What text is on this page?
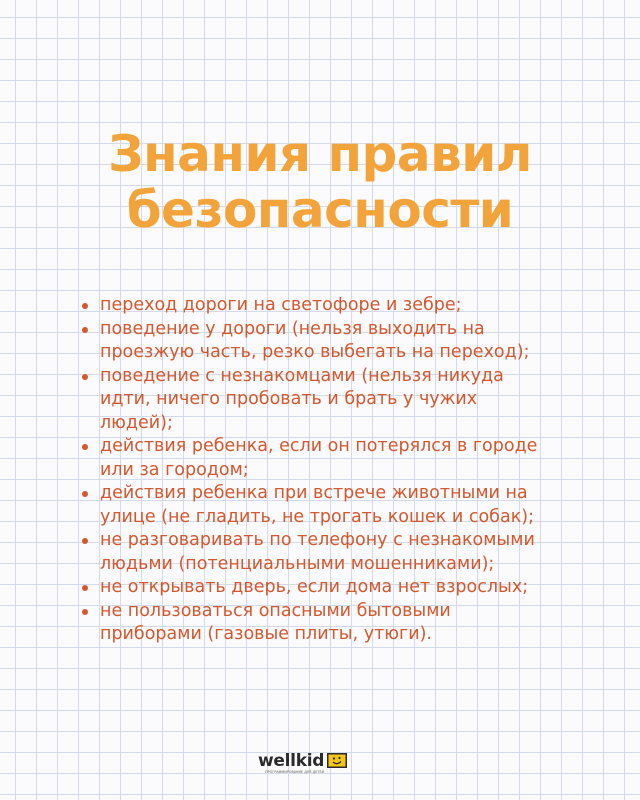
Знания правил
безопасности
переход дороги на светофоре и зебре;
поведение у дороги (нельзя выходить на
проезжую часть, резко выбегать на переход);
поведение с незнакомцами (нельзя никуда
идти, ничего пробовать и брать у чужих
людей);
действия ребенка, если он потерялся в городе
или за городом;
действия ребенка при встрече животными на
улице (не гладить, не трогать кошек и собак);
не разговаривать по телефону с незнакомыми
людьми (потенциальными мошенниками);
не открывать дверь, если дома нет взрослых;
не пользоваться опасными бытовыми
приборами (газовые плиты, утюги).
wellkid
ПРОГРАММИРОВАНИЕ ДЛЯ ДЕТЕЙ
